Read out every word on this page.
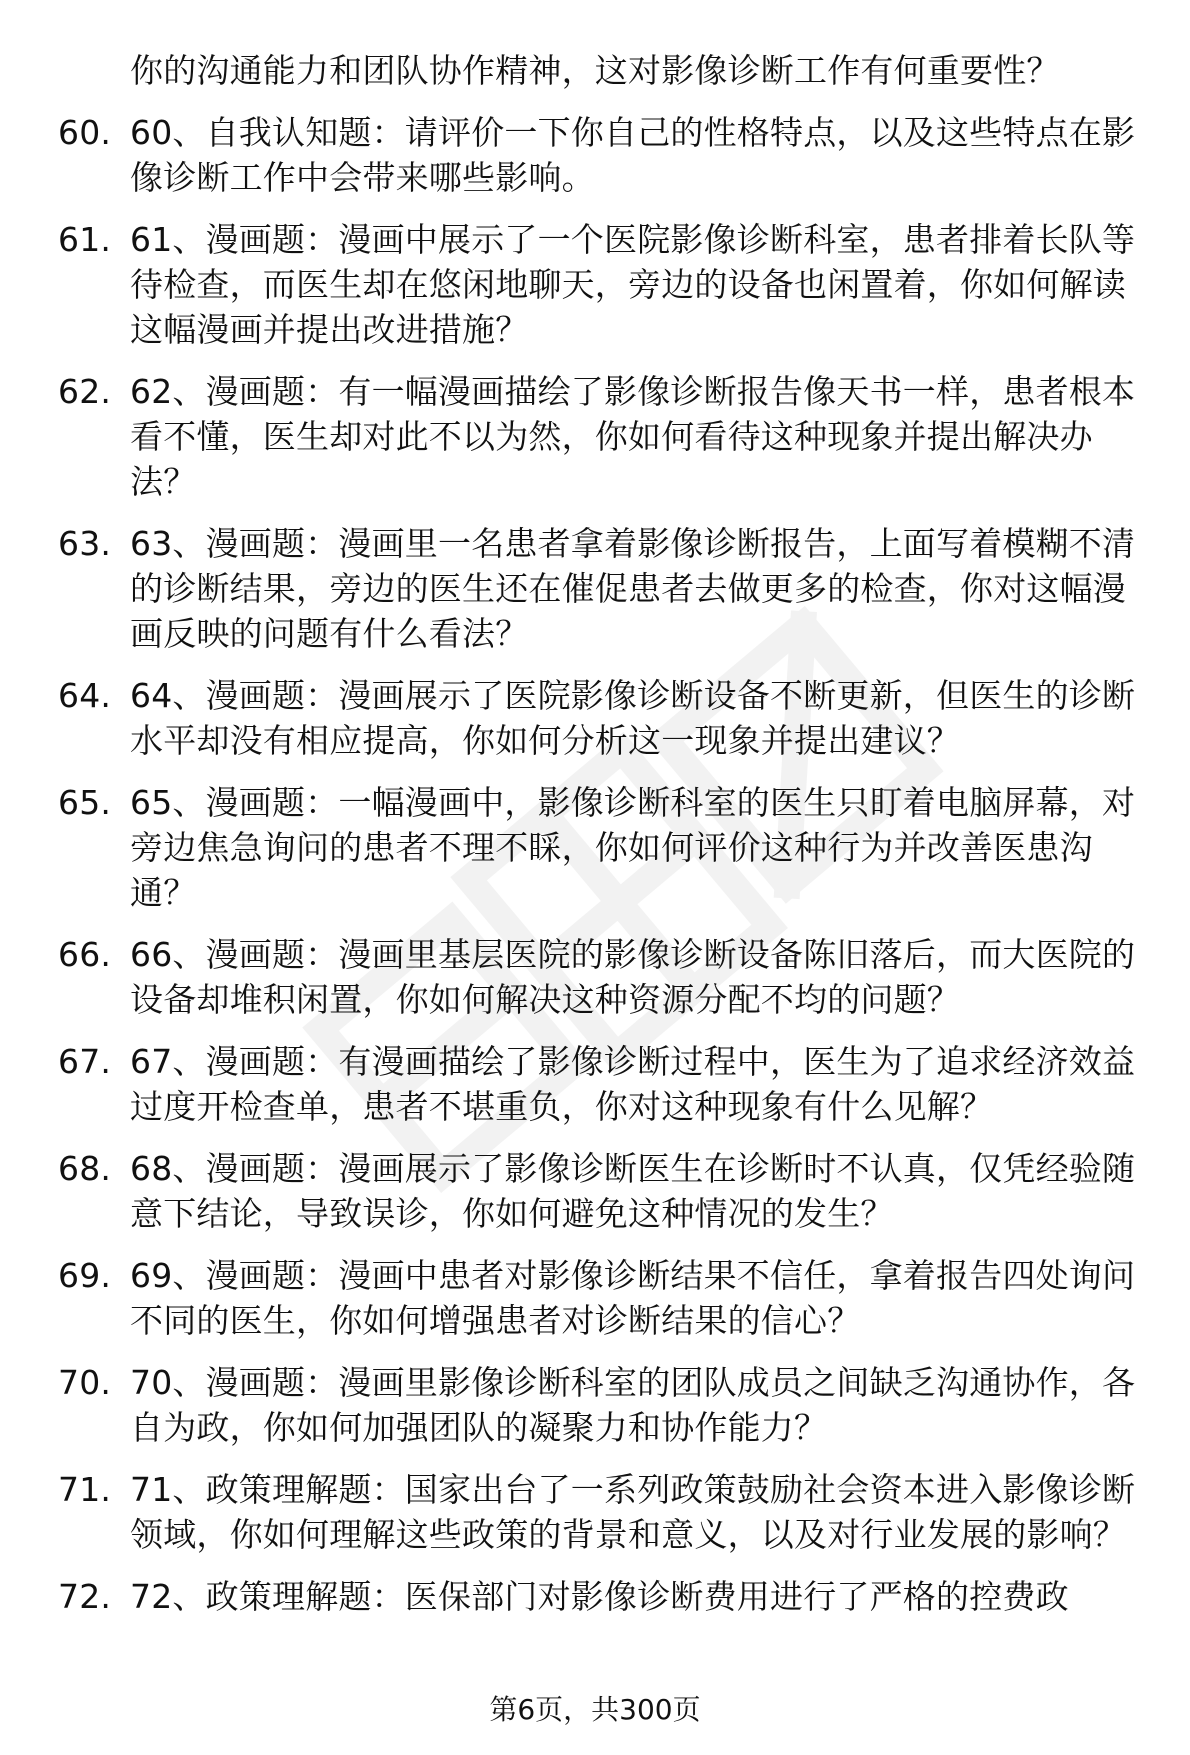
你的沟通能力和团队协作精神，这对影像诊断工作有何重要性？
60. 60、自我认知题：请评价一下你自己的性格特点，以及这些特点在影像诊断工作中会带来哪些影响。
61. 61、漫画题：漫画中展示了一个医院影像诊断科室，患者排着长队等待检查，而医生却在悠闲地聊天，旁边的设备也闲置着，你如何解读这幅漫画并提出改进措施？
62. 62、漫画题：有一幅漫画描绘了影像诊断报告像天书一样，患者根本看不懂，医生却对此不以为然，你如何看待这种现象并提出解决办法？
63. 63、漫画题：漫画里一名患者拿着影像诊断报告，上面写着模糊不清的诊断结果，旁边的医生还在催促患者去做更多的检查，你对这幅漫画反映的问题有什么看法？
64. 64、漫画题：漫画展示了医院影像诊断设备不断更新，但医生的诊断水平却没有相应提高，你如何分析这一现象并提出建议？
65. 65、漫画题：一幅漫画中，影像诊断科室的医生只盯着电脑屏幕，对旁边焦急询问的患者不理不睬，你如何评价这种行为并改善医患沟通？
66. 66、漫画题：漫画里基层医院的影像诊断设备陈旧落后，而大医院的设备却堆积闲置，你如何解决这种资源分配不均的问题？
67. 67、漫画题：有漫画描绘了影像诊断过程中，医生为了追求经济效益过度开检查单，患者不堪重负，你对这种现象有什么见解？
68. 68、漫画题：漫画展示了影像诊断医生在诊断时不认真，仅凭经验随意下结论，导致误诊，你如何避免这种情况的发生？
69. 69、漫画题：漫画中患者对影像诊断结果不信任，拿着报告四处询问不同的医生，你如何增强患者对诊断结果的信心？
70. 70、漫画题：漫画里影像诊断科室的团队成员之间缺乏沟通协作，各自为政，你如何加强团队的凝聚力和协作能力？
71. 71、政策理解题：国家出台了一系列政策鼓励社会资本进入影像诊断领域，你如何理解这些政策的背景和意义，以及对行业发展的影响？
72. 72、政策理解题：医保部门对影像诊断费用进行了严格的控费政
第6页，共300页
